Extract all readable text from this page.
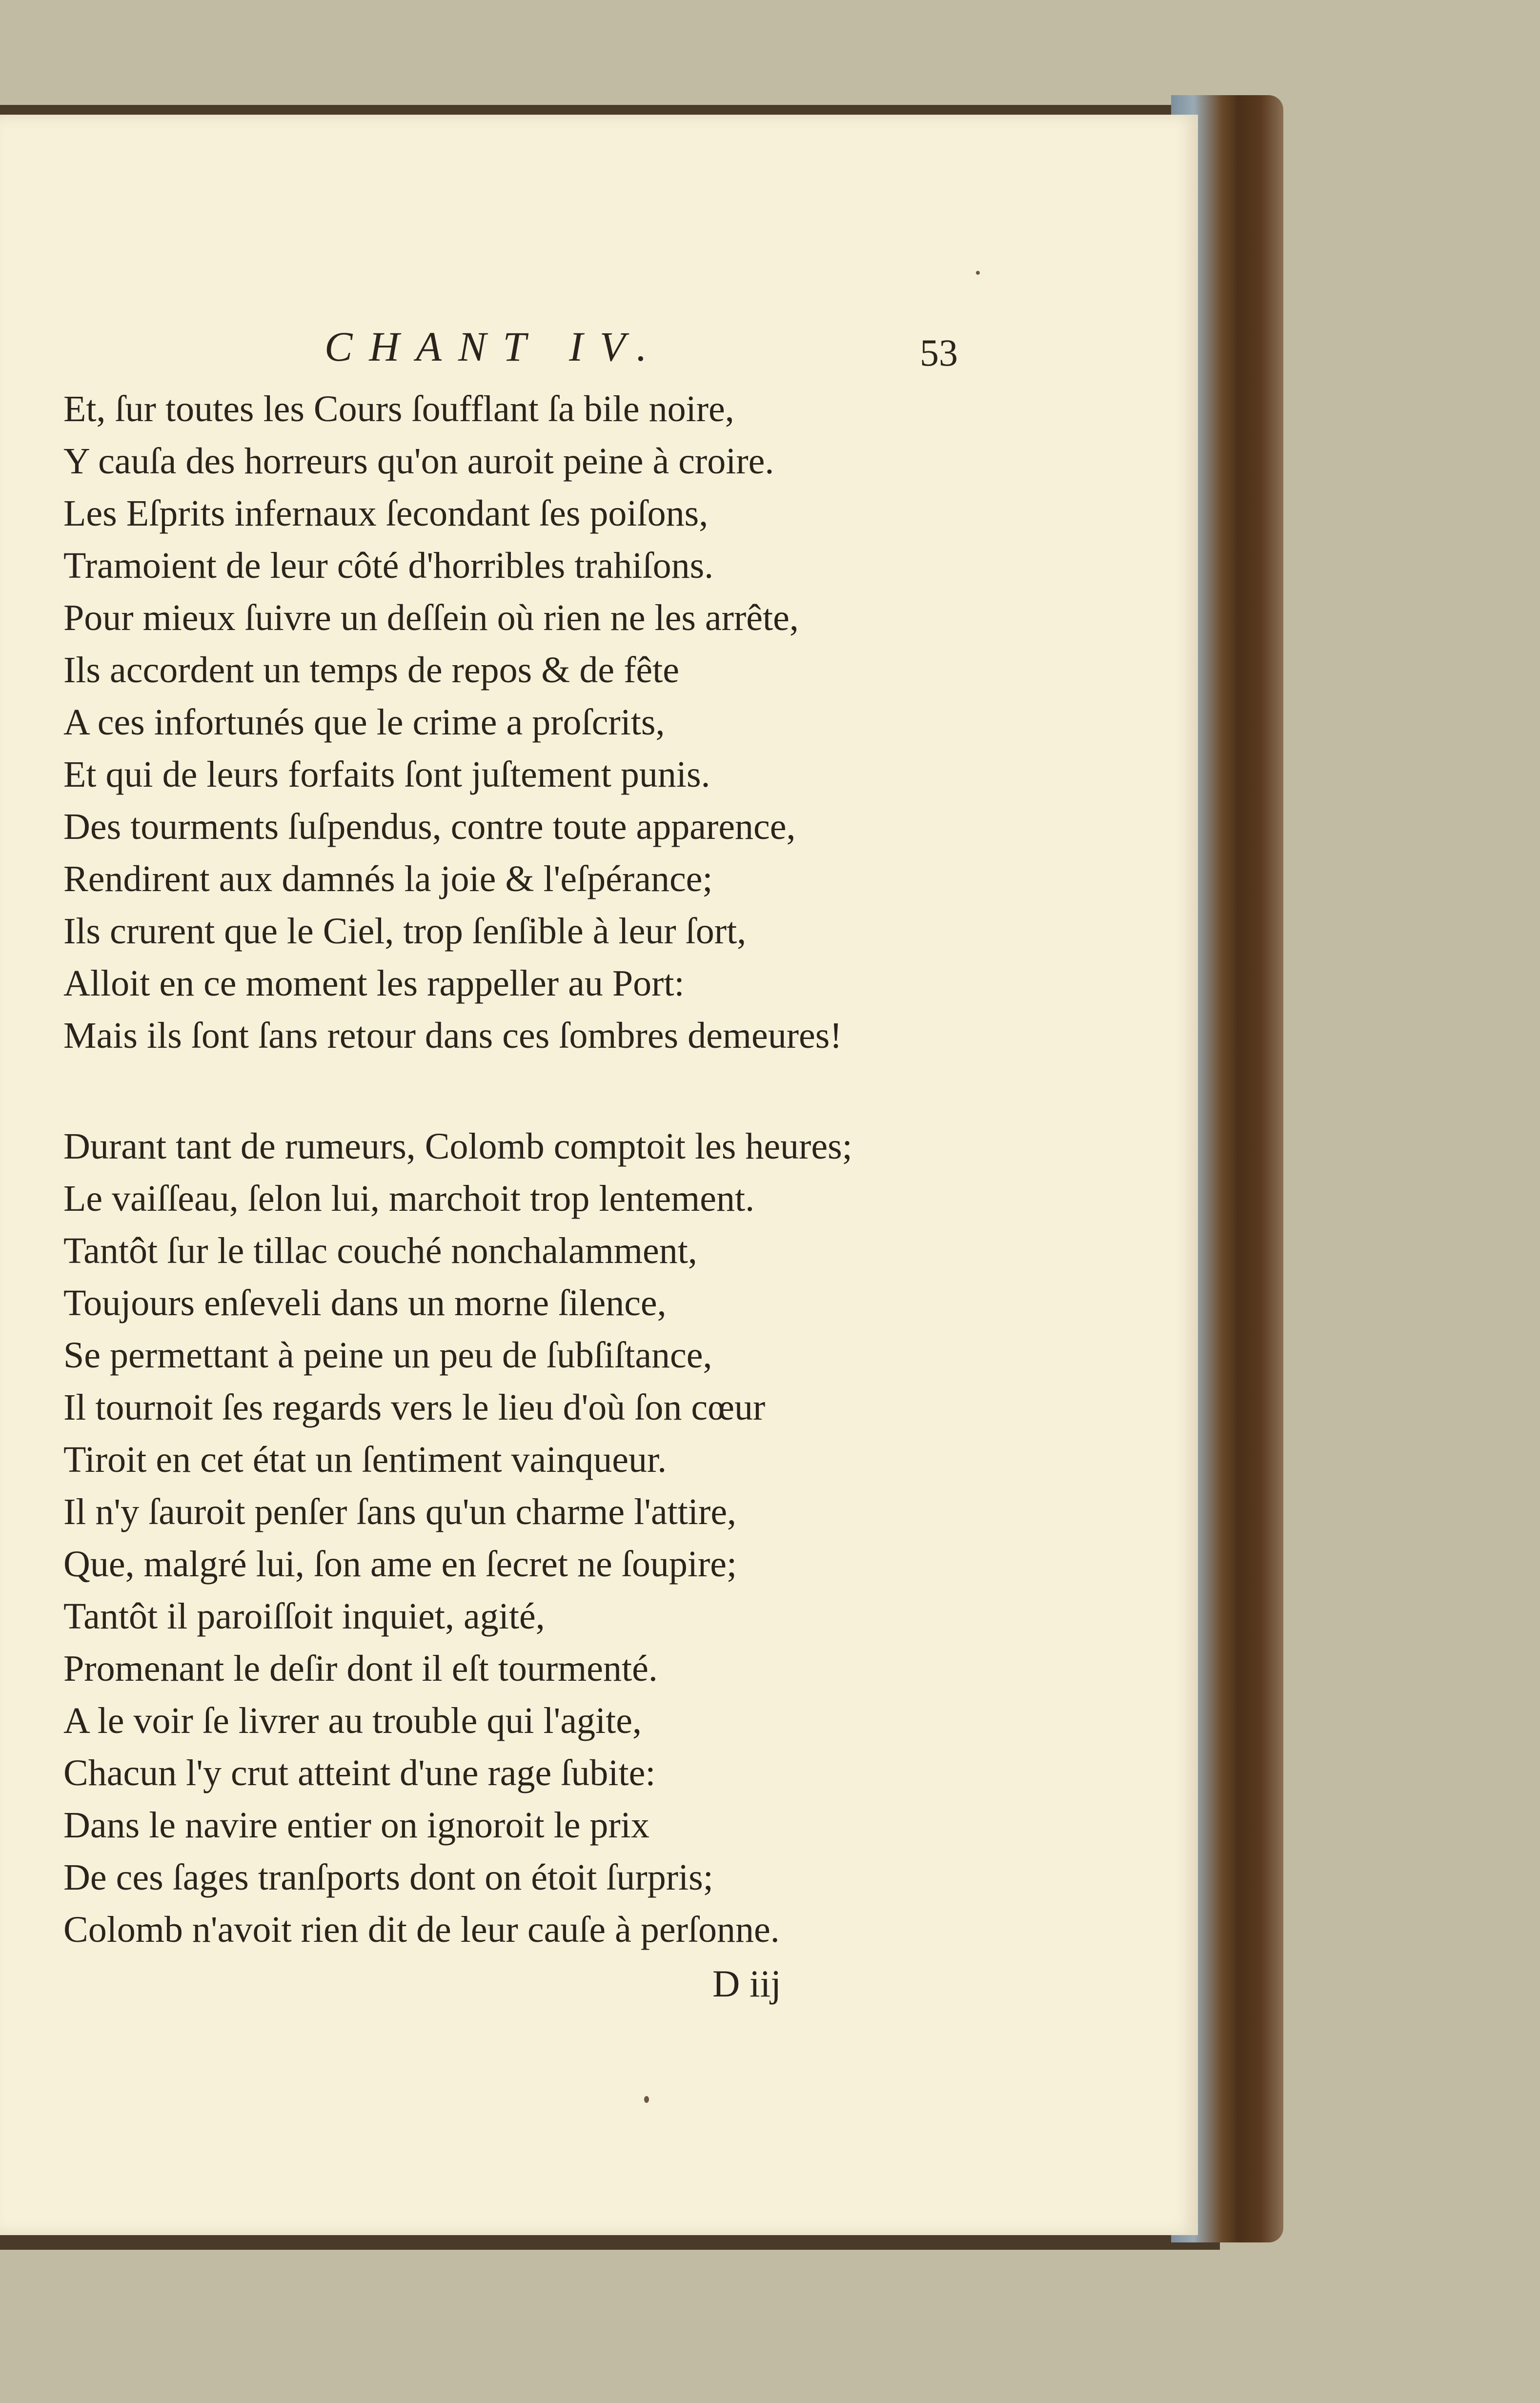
CHANT IV.	53
Et, ſur toutes les Cours ſoufflant ſa bile noire,
Y cauſa des horreurs qu'on auroit peine à croire.
Les Eſprits infernaux ſecondant ſes poiſons,
Tramoient de leur côté d'horribles trahiſons.
Pour mieux ſuivre un deſſein où rien ne les arrête,
Ils accordent un temps de repos & de fête
A ces infortunés que le crime a proſcrits,
Et qui de leurs forfaits ſont juſtement punis.
Des tourments ſuſpendus, contre toute apparence,
Rendirent aux damnés la joie & l'eſpérance;
Ils crurent que le Ciel, trop ſenſible à leur ſort,
Alloit en ce moment les rappeller au Port:
Mais ils ſont ſans retour dans ces ſombres demeures!
Durant tant de rumeurs, Colomb comptoit les heures;
Le vaiſſeau, ſelon lui, marchoit trop lentement.
Tantôt ſur le tillac couché nonchalamment,
Toujours enſeveli dans un morne ſilence,
Se permettant à peine un peu de ſubſiſtance,
Il tournoit ſes regards vers le lieu d'où ſon cœur
Tiroit en cet état un ſentiment vainqueur.
Il n'y ſauroit penſer ſans qu'un charme l'attire,
Que, malgré lui, ſon ame en ſecret ne ſoupire;
Tantôt il paroiſſoit inquiet, agité,
Promenant le deſir dont il eſt tourmenté.
A le voir ſe livrer au trouble qui l'agite,
Chacun l'y crut atteint d'une rage ſubite:
Dans le navire entier on ignoroit le prix
De ces ſages tranſports dont on étoit ſurpris;
Colomb n'avoit rien dit de leur cauſe à perſonne.
D iij
